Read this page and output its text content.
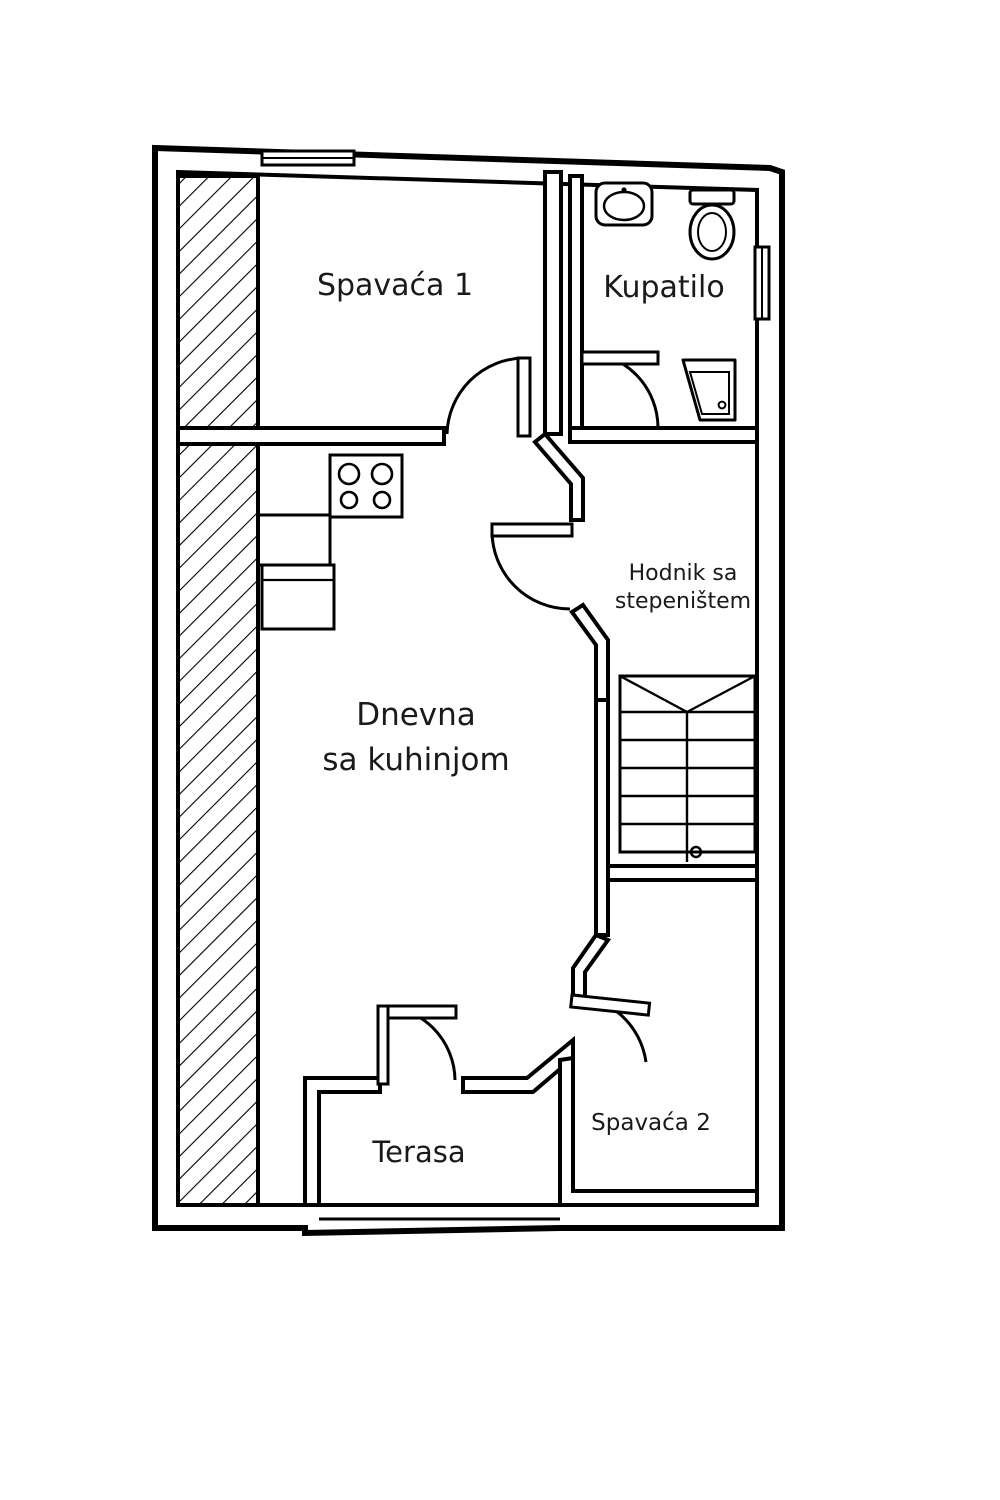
Spavaća 1	Kupatilo
Hodnik sa
stepeništem
Dnevna
sa kuhinjom
Spavaća 2
Terasa
